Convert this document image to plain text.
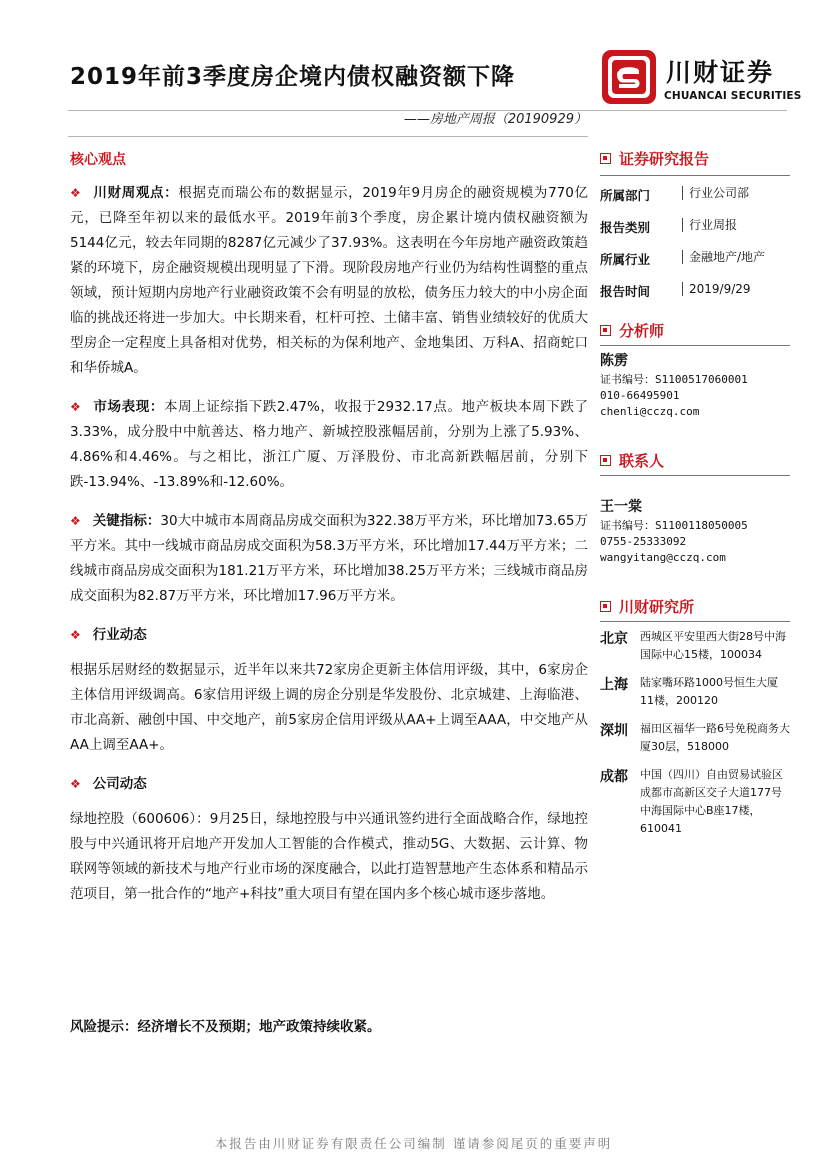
2019年前3季度房企境内债权融资额下降	川财证券
CHUANCAI SECURITIES
——房地产周报（20190929）

核心观点

❖ 川财周观点：根据克而瑞公布的数据显示，2019年9月房企的融资规模为770亿元，已降至年初以来的最低水平。2019年前3个季度，房企累计境内债权融资额为5144亿元，较去年同期的8287亿元减少了37.93%。这表明在今年房地产融资政策趋紧的环境下，房企融资规模出现明显了下滑。现阶段房地产行业仍为结构性调整的重点领域，预计短期内房地产行业融资政策不会有明显的放松，债务压力较大的中小房企面临的挑战还将进一步加大。中长期来看，杠杆可控、土储丰富、销售业绩较好的优质大型房企一定程度上具备相对优势，相关标的为保利地产、金地集团、万科A、招商蛇口和华侨城A。

❖ 市场表现：本周上证综指下跌2.47%，收报于2932.17点。地产板块本周下跌了3.33%，成分股中中航善达、格力地产、新城控股涨幅居前，分别为上涨了5.93%、4.86%和4.46%。与之相比，浙江广厦、万泽股份、市北高新跌幅居前，分别下跌-13.94%、-13.89%和-12.60%。

❖ 关键指标：30大中城市本周商品房成交面积为322.38万平方米，环比增加73.65万平方米。其中一线城市商品房成交面积为58.3万平方米，环比增加17.44万平方米；二线城市商品房成交面积为181.21万平方米，环比增加38.25万平方米；三线城市商品房成交面积为82.87万平方米，环比增加17.96万平方米。

❖ 行业动态

根据乐居财经的数据显示，近半年以来共72家房企更新主体信用评级，其中，6家房企主体信用评级调高。6家信用评级上调的房企分别是华发股份、北京城建、上海临港、市北高新、融创中国、中交地产，前5家房企信用评级从AA+上调至AAA，中交地产从AA上调至AA+。

❖ 公司动态

绿地控股（600606）：9月25日，绿地控股与中兴通讯签约进行全面战略合作，绿地控股与中兴通讯将开启地产开发加人工智能的合作模式，推动5G、大数据、云计算、物联网等领域的新技术与地产行业市场的深度融合，以此打造智慧地产生态体系和精品示范项目，第一批合作的“地产+科技”重大项目有望在国内多个核心城市逐步落地。

风险提示：经济增长不及预期；地产政策持续收紧。
证券研究报告
所属部门	行业公司部
报告类别	行业周报
所属行业	金融地产/地产
报告时间	2019/9/29
分析师
陈雳
证书编号：S1100517060001
010-66495901
chenli@cczq.com
联系人
王一棠
证书编号：S1100118050005
0755-25333092
wangyitang@cczq.com
川财研究所
北京	西城区平安里西大街28号中海国际中心15楼，100034
上海	陆家嘴环路1000号恒生大厦11楼，200120
深圳	福田区福华一路6号免税商务大厦30层，518000
成都	中国（四川）自由贸易试验区成都市高新区交子大道177号中海国际中心B座17楼，610041
本报告由川财证券有限责任公司编制 谨请参阅尾页的重要声明
